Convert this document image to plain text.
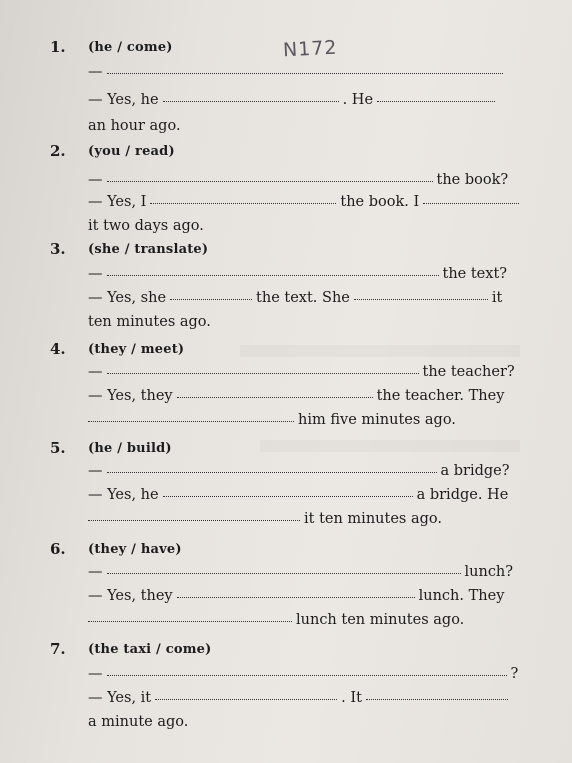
N172
1. (he / come)
—
— Yes, he	. He
an hour ago.
2. (you / read)
—	the book?
— Yes, I	the book. I
it two days ago.
3. (she / translate)
—	the text?
— Yes, she	the text. She	it
ten minutes ago.
4. (they / meet)
—	the teacher?
— Yes, they	the teacher. They
him five minutes ago.
5. (he / build)
—	a bridge?
— Yes, he	a bridge. He
it ten minutes ago.
6. (they / have)
—	lunch?
— Yes, they	lunch. They
lunch ten minutes ago.
7. (the taxi / come)
—	?
— Yes, it	. It
a minute ago.
